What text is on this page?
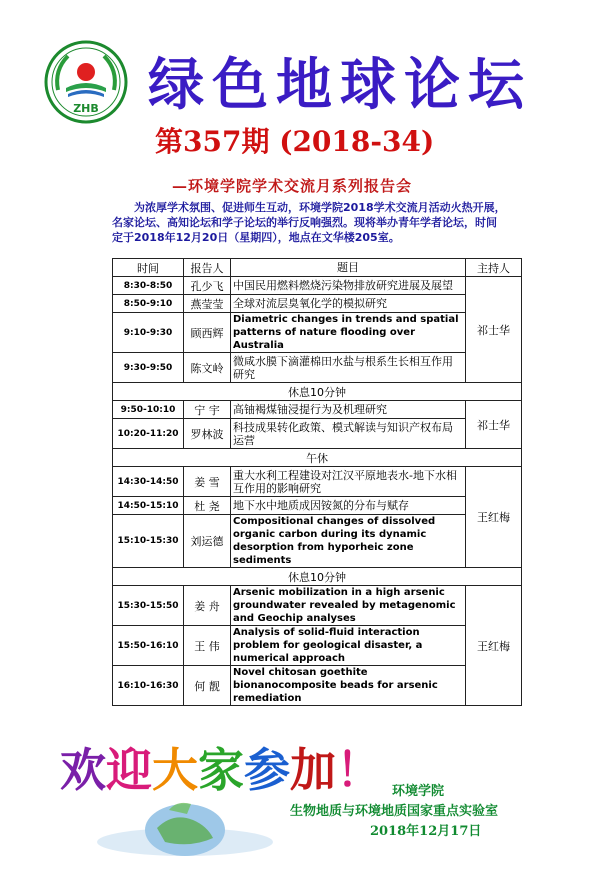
ZHB 绿色地球论坛
第357期 (2018-34)
—环境学院学术交流月系列报告会

为浓厚学术氛围、促进师生互动，环境学院2018学术交流月活动火热开展，名家论坛、高知论坛和学子论坛的举行反响强烈。现将举办青年学者论坛，时间定于2018年12月20日（星期四），地点在文华楼205室。

时间	报告人	题目	主持人
8:30-8:50	孔少飞	中国民用燃料燃烧污染物排放研究进展及展望	祁士华
8:50-9:10	燕莹莹	全球对流层臭氧化学的模拟研究	
9:10-9:30	顾西辉	Diametric changes in trends and spatial patterns of nature flooding over Australia	
9:30-9:50	陈文岭	微咸水膜下滴灌棉田水盐与根系生长相互作用研究	
休息10分钟			
9:50-10:10	宁 宇	高铀褐煤铀浸提行为及机理研究	祁士华
10:20-11:20	罗林波	科技成果转化政策、模式解读与知识产权布局运营	
午休			
14:30-14:50	姜 雪	重大水利工程建设对江汉平原地表水-地下水相互作用的影响研究	王红梅
14:50-15:10	杜 尧	地下水中地质成因铵氮的分布与赋存	
15:10-15:30	刘运德	Compositional changes of dissolved organic carbon during its dynamic desorption from hyporheic zone sediments	
休息10分钟			
15:30-15:50	姜 舟	Arsenic mobilization in a high arsenic groundwater revealed by metagenomic and Geochip analyses	王红梅
15:50-16:10	王 伟	Analysis of solid-fluid interaction problem for geological disaster, a numerical approach	
16:10-16:30	何 靓	Novel chitosan goethite bionanocomposite beads for arsenic remediation	
欢迎大家参加！ 环境学院
生物地质与环境地质国家重点实验室
2018年12月17日
